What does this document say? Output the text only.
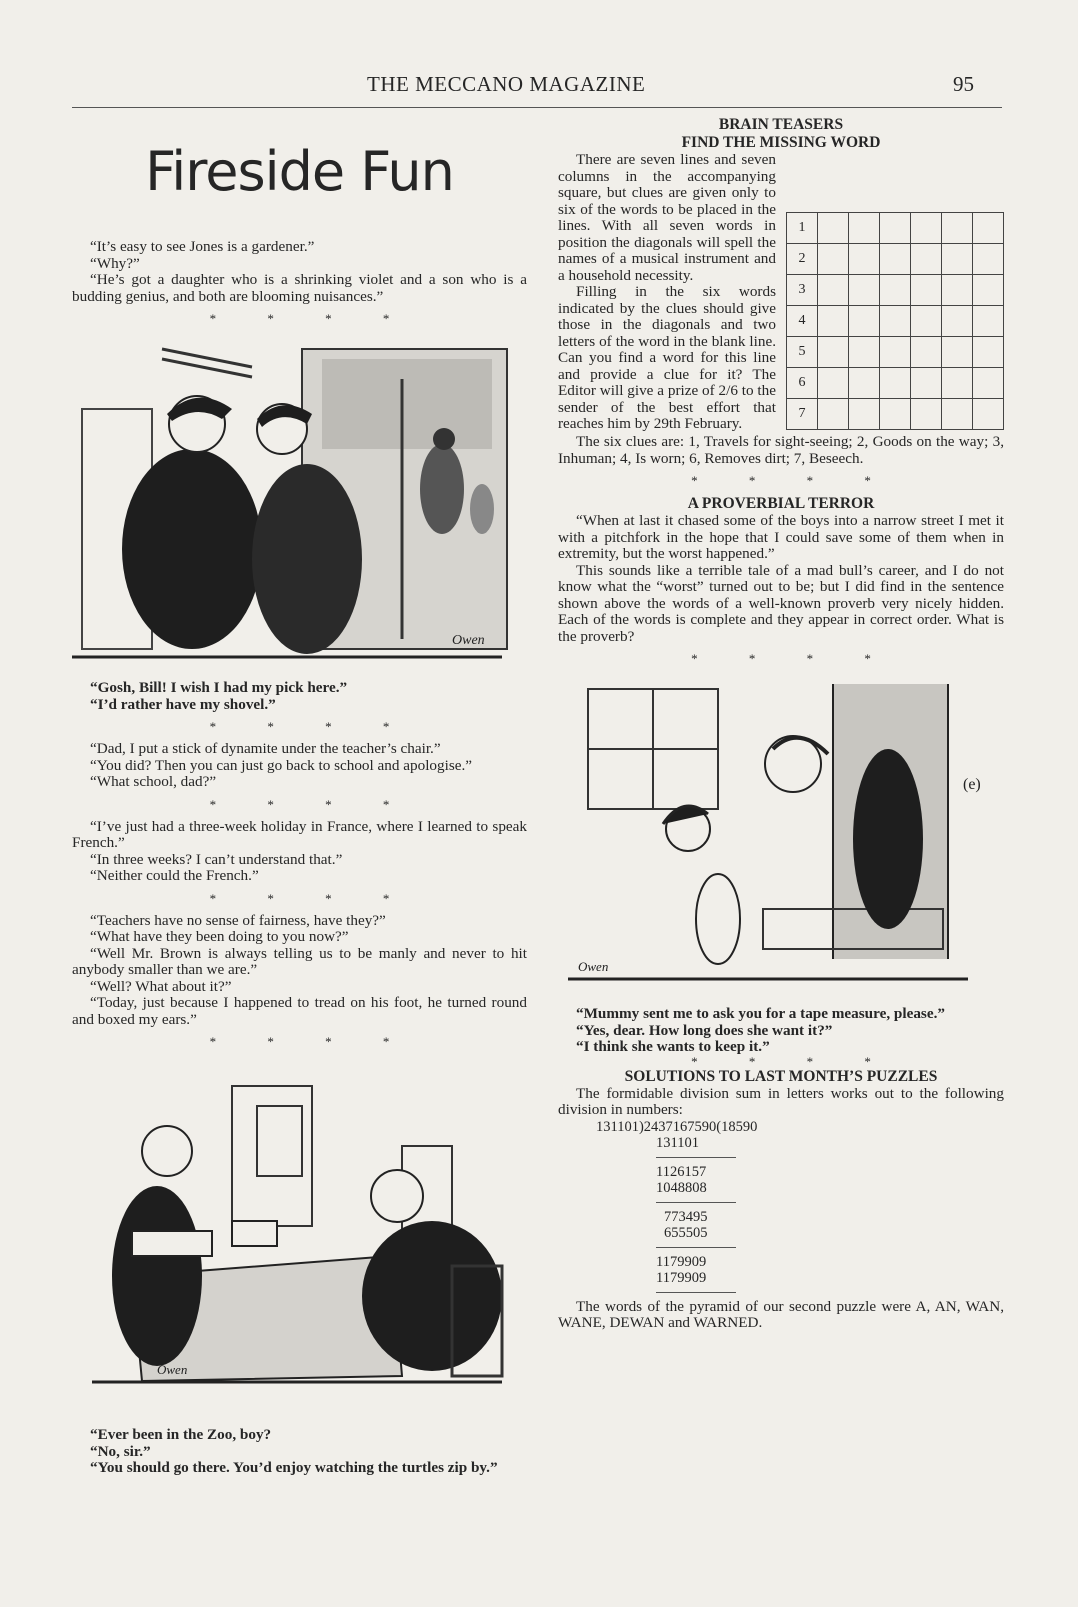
THE MECCANO MAGAZINE	95
Fireside Fun

“It’s easy to see Jones is a gardener.”

“Why?”

“He’s got a daughter who is a shrinking violet and a son who is a budding genius, and both are blooming nuisances.”

* * * *
Owen

“Gosh, Bill! I wish I had my pick here.”

“I’d rather have my shovel.”

* * * *

“Dad, I put a stick of dynamite under the teacher’s chair.”

“You did? Then you can just go back to school and apologise.”

“What school, dad?”

* * * *

“I’ve just had a three-week holiday in France, where I learned to speak French.”

“In three weeks? I can’t understand that.”

“Neither could the French.”

* * * *

“Teachers have no sense of fairness, have they?”

“What have they been doing to you now?”

“Well Mr. Brown is always telling us to be manly and never to hit anybody smaller than we are.”

“Well? What about it?”

“Today, just because I happened to tread on his foot, he turned round and boxed my ears.”

* * * *
Owen

“Ever been in the Zoo, boy?

“No, sir.”

“You should go there. You’d enjoy watching the turtles zip by.”

BRAIN TEASERS
FIND THE MISSING WORD
1						
2						
3						
4						
5						
6						
7						

There are seven lines and seven columns in the accompanying square, but clues are given only to six of the words to be placed in the lines. With all seven words in position the diagonals will spell the names of a musical instrument and a household necessity.

Filling in the six words indicated by the clues should give those in the diagonals and two letters of the word in the blank line. Can you find a word for this line and provide a clue for it? The Editor will give a prize of 2/6 to the sender of the best effort that reaches him by 29th February.

The six clues are: 1, Travels for sight-seeing; 2, Goods on the way; 3, Inhuman; 4, Is worn; 6, Removes dirt; 7, Beseech.

* * * *
A PROVERBIAL TERROR

“When at last it chased some of the boys into a narrow street I met it with a pitchfork in the hope that I could save some of them when in extremity, but the worst happened.”

This sounds like a terrible tale of a mad bull’s career, and I do not know what the “worst” turned out to be; but I did find in the sentence shown above the words of a well-known proverb very nicely hidden. Each of the words is complete and they appear in correct order. What is the proverb?

* * * *
Owen
(e)

“Mummy sent me to ask you for a tape measure, please.”

“Yes, dear. How long does she want it?”

“I think she wants to keep it.”

* * * *
SOLUTIONS TO LAST MONTH’S PUZZLES

The formidable division sum in letters works out to the following division in numbers:

131101)2437167590(18590
131101
1126157
1048808
773495
655505
1179909
1179909

The words of the pyramid of our second puzzle were A, AN, WAN, WANE, DEWAN and WARNED.
